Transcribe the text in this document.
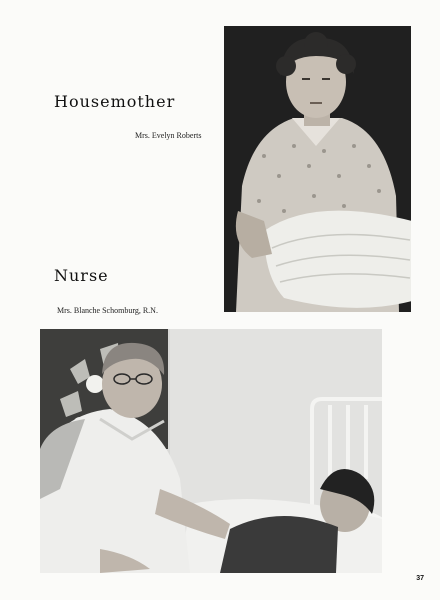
Housemother
Mrs. Evelyn Roberts
Nurse
Mrs. Blanche Schomburg, R.N.
37
